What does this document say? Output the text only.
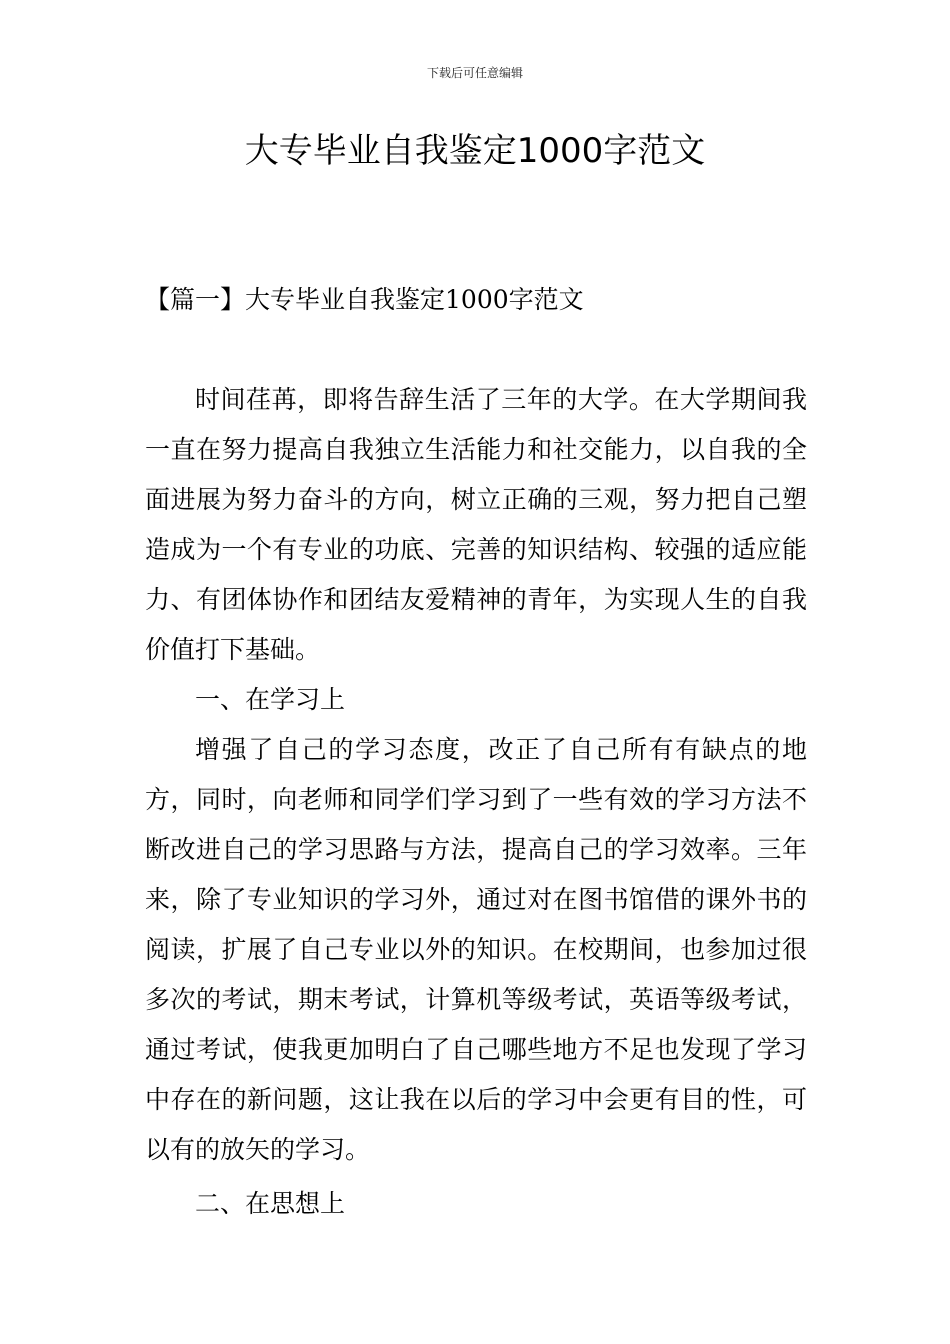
下载后可任意编辑
大专毕业自我鉴定1000字范文
【篇一】大专毕业自我鉴定1000字范文

时间荏苒，即将告辞生活了三年的大学。在大学期间我一直在努力提高自我独立生活能力和社交能力，以自我的全面进展为努力奋斗的方向，树立正确的三观，努力把自己塑造成为一个有专业的功底、完善的知识结构、较强的适应能力、有团体协作和团结友爱精神的青年，为实现人生的自我价值打下基础。

一、在学习上

增强了自己的学习态度，改正了自己所有有缺点的地方，同时，向老师和同学们学习到了一些有效的学习方法不断改进自己的学习思路与方法，提高自己的学习效率。三年来，除了专业知识的学习外，通过对在图书馆借的课外书的阅读，扩展了自己专业以外的知识。在校期间，也参加过很多次的考试，期末考试，计算机等级考试，英语等级考试，通过考试，使我更加明白了自己哪些地方不足也发现了学习中存在的新问题，这让我在以后的学习中会更有目的性，可以有的放矢的学习。

二、在思想上
